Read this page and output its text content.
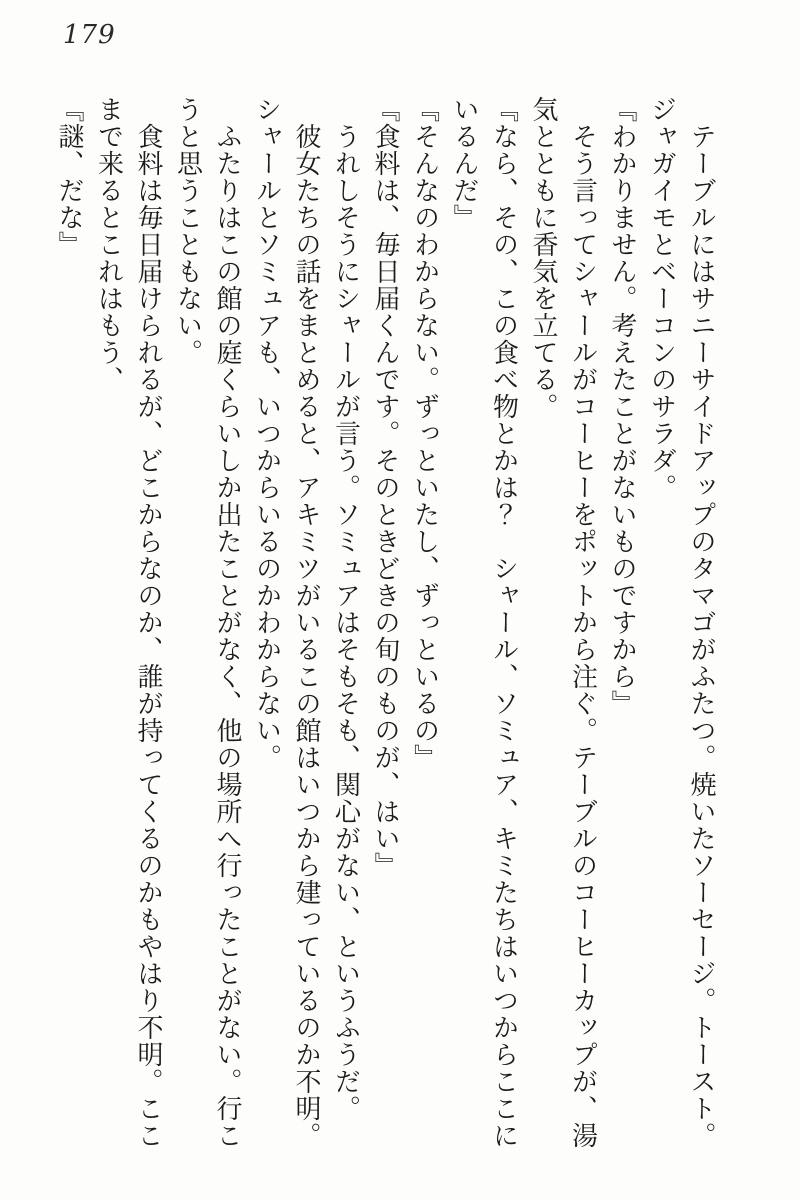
179

テーブルにはサニーサイドアップのタマゴがふたつ。焼いたソーセージ。トースト。ジャガイモとベーコンのサラダ。

『わかりません。考えたことがないものですから』

そう言ってシャールがコーヒーをポットから注ぐ。テーブルのコーヒーカップが、湯気とともに香気を立てる。

『なら、その、この食べ物とかは？　シャール、ソミュア、キミたちはいつからここにいるんだ』

『そんなのわからない。ずっといたし、ずっといるの』

『食料は、毎日届くんです。そのときどきの旬のものが、はい』

うれしそうにシャールが言う。ソミュアはそもそも、関心がない、というふうだ。

彼女たちの話をまとめると、アキミツがいるこの館はいつから建っているのか不明。シャールとソミュアも、いつからいるのかわからない。

ふたりはこの館の庭くらいしか出たことがなく、他の場所へ行ったことがない。行こうと思うこともない。

食料は毎日届けられるが、どこからなのか、誰が持ってくるのかもやはり不明。ここまで来るとこれはもう、

『謎、だな』
